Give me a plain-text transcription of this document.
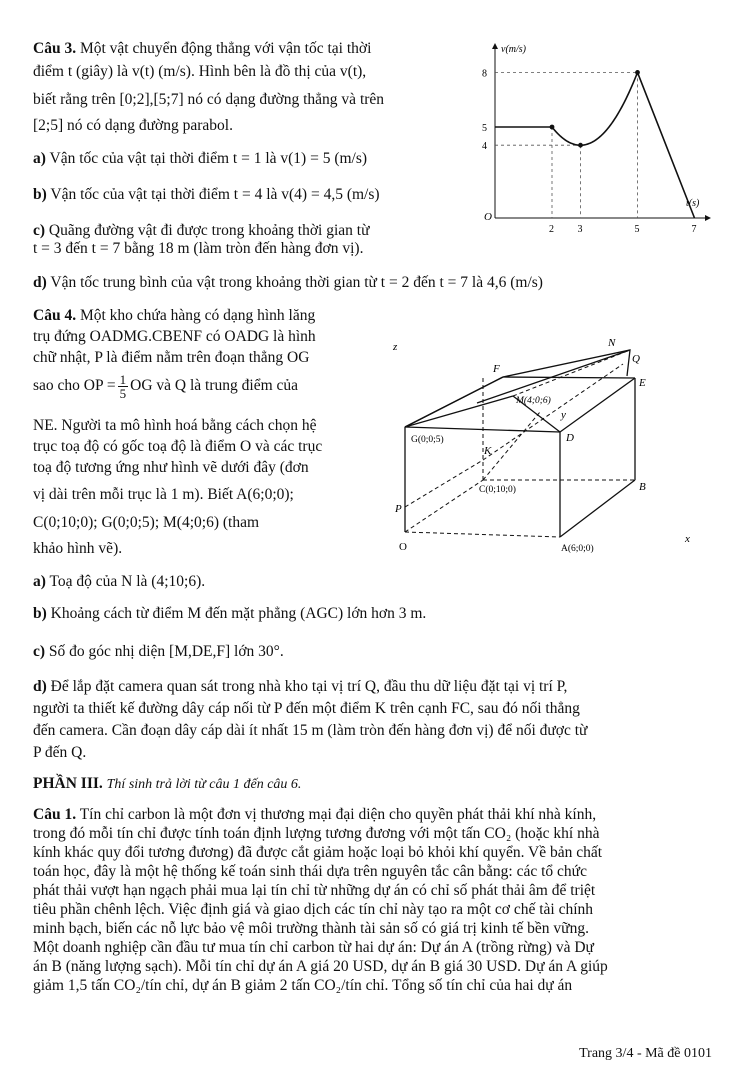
Câu 3. Một vật chuyển động thẳng với vận tốc tại thời

điểm t (giây) là v(t) (m/s). Hình bên là đồ thị của v(t),

biết rằng trên [0;2],[5;7] nó có dạng đường thẳng và trên

[2;5] nó có dạng đường parabol.

a) Vận tốc của vật tại thời điểm t = 1 là v(1) = 5 (m/s)

b) Vận tốc của vật tại thời điểm t = 4 là v(4) = 4,5 (m/s)

c) Quãng đường vật đi được trong khoảng thời gian từ

t = 3 đến t = 7 bằng 18 m (làm tròn đến hàng đơn vị).

d) Vận tốc trung bình của vật trong khoảng thời gian từ t = 2 đến t = 7 là 4,6 (m/s)

v(m/s)
t(s)
O
2 3	5	7
8
5
4

Câu 4. Một kho chứa hàng có dạng hình lăng

trụ đứng OADMG.CBENF có OADG là hình

chữ nhật, P là điểm nằm trên đoạn thẳng OG

sao cho OP = $\frac{1}{5}$ OG và Q là trung điểm của

NE. Người ta mô hình hoá bằng cách chọn hệ

trục toạ độ có gốc toạ độ là điểm O và các trục

toạ độ tương ứng như hình vẽ dưới đây (đơn

vị dài trên mỗi trục là 1 m). Biết A(6;0;0);

C(0;10;0); G(0;0;5); M(4;0;6) (tham

khảo hình vẽ).

z
x
y
O
N
Q
F
E
M(4;0;6)
G(0;0;5)	D
K
C(0;10;0)	B
P
A(6;0;0)

a) Toạ độ của N là (4;10;6).

b) Khoảng cách từ điểm M đến mặt phẳng (AGC) lớn hơn 3 m.

c) Số đo góc nhị diện [M,DE,F] lớn 30°.

d) Để lắp đặt camera quan sát trong nhà kho tại vị trí Q, đầu thu dữ liệu đặt tại vị trí P,
người ta thiết kế đường dây cáp nối từ P đến một điểm K trên cạnh FC, sau đó nối thẳng
đến camera. Cần đoạn dây cáp dài ít nhất 15 m (làm tròn đến hàng đơn vị) để nối được từ
P đến Q.

PHẦN III. Thí sinh trả lời từ câu 1 đến câu 6.

Câu 1. Tín chỉ carbon là một đơn vị thương mại đại diện cho quyền phát thải khí nhà kính,
trong đó mỗi tín chỉ được tính toán định lượng tương đương với một tấn CO₂ (hoặc khí nhà
kính khác quy đổi tương đương) đã được cắt giảm hoặc loại bỏ khỏi khí quyển. Về bản chất
toán học, đây là một hệ thống kế toán sinh thái dựa trên nguyên tắc cân bằng: các tổ chức
phát thải vượt hạn ngạch phải mua lại tín chỉ từ những dự án có chỉ số phát thải âm để triệt
tiêu phần chênh lệch. Việc định giá và giao dịch các tín chỉ này tạo ra một cơ chế tài chính
minh bạch, biến các nỗ lực bảo vệ môi trường thành tài sản số có giá trị kinh tế bền vững.
Một doanh nghiệp cần đầu tư mua tín chỉ carbon từ hai dự án: Dự án A (trồng rừng) và Dự
án B (năng lượng sạch). Mỗi tín chỉ dự án A giá 20 USD, dự án B giá 30 USD. Dự án A giúp
giảm 1,5 tấn CO₂/tín chỉ, dự án B giảm 2 tấn CO₂/tín chỉ. Tổng số tín chỉ của hai dự án
Trang 3/4 - Mã đề 0101
